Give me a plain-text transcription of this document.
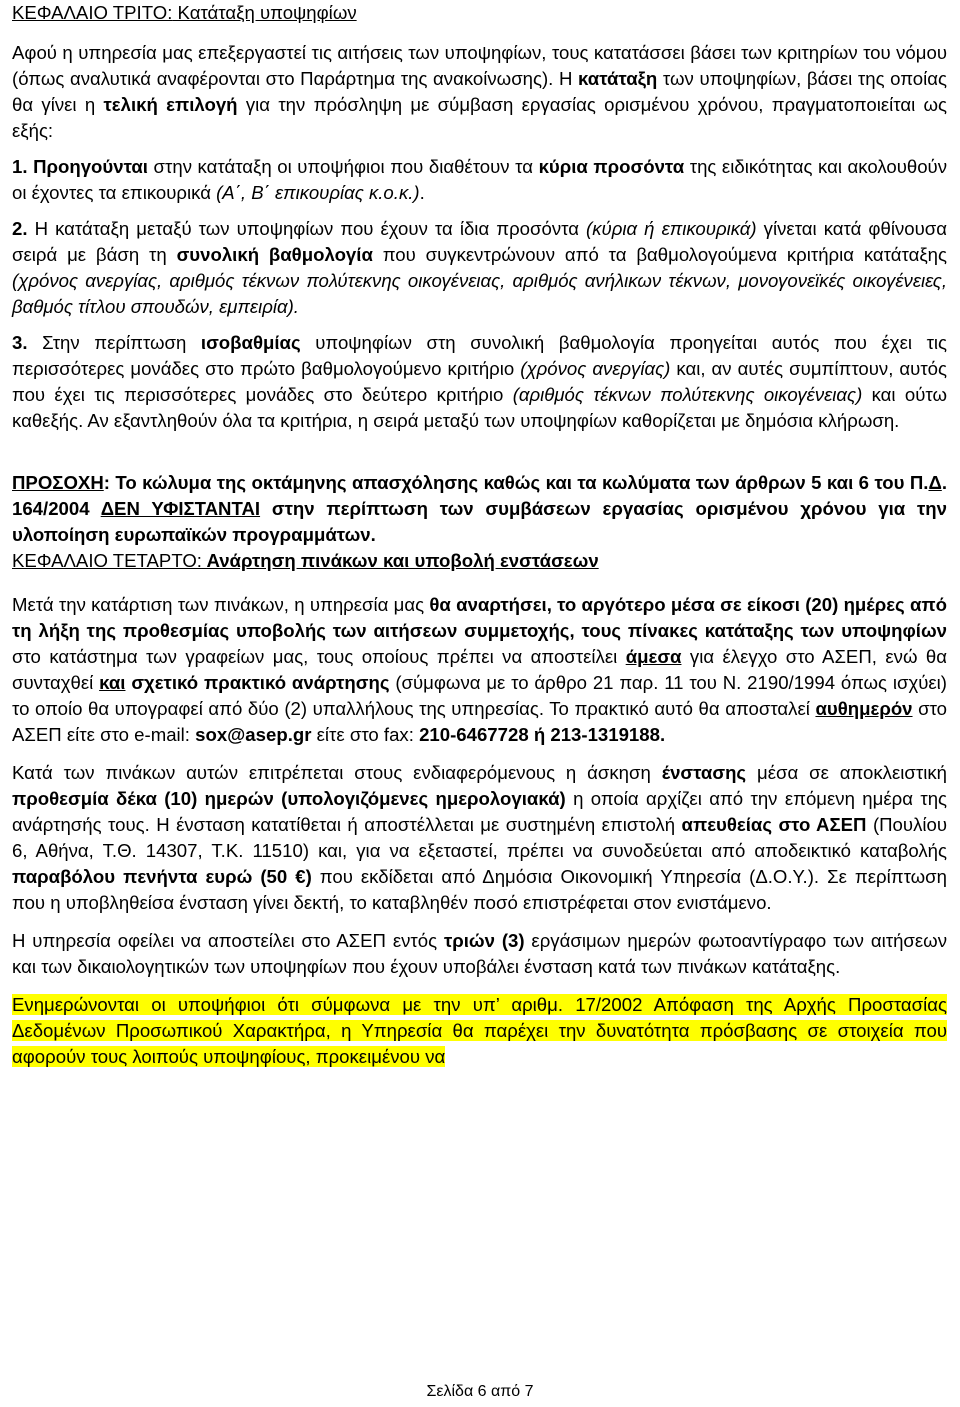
ΚΕΦΑΛΑΙΟ ΤΡΙΤΟ: Κατάταξη υποψηφίων

Αφού η υπηρεσία μας επεξεργαστεί τις αιτήσεις των υποψηφίων, τους κατατάσσει βάσει των κριτηρίων του νόμου (όπως αναλυτικά αναφέρονται στο Παράρτημα της ανακοίνωσης). Η κατάταξη των υποψηφίων, βάσει της οποίας θα γίνει η τελική επιλογή για την πρόσληψη με σύμβαση εργασίας ορισμένου χρόνου, πραγματοποιείται ως εξής:

1. Προηγούνται στην κατάταξη οι υποψήφιοι που διαθέτουν τα κύρια προσόντα της ειδικότητας και ακολουθούν οι έχοντες τα επικουρικά (Α΄, Β΄ επικουρίας κ.ο.κ.).

2. Η κατάταξη μεταξύ των υποψηφίων που έχουν τα ίδια προσόντα (κύρια ή επικουρικά) γίνεται κατά φθίνουσα σειρά με βάση τη συνολική βαθμολογία που συγκεντρώνουν από τα βαθμολογούμενα κριτήρια κατάταξης (χρόνος ανεργίας, αριθμός τέκνων πολύτεκνης οικογένειας, αριθμός ανήλικων τέκνων, μονογονεϊκές οικογένειες, βαθμός τίτλου σπουδών, εμπειρία).

3. Στην περίπτωση ισοβαθμίας υποψηφίων στη συνολική βαθμολογία προηγείται αυτός που έχει τις περισσότερες μονάδες στο πρώτο βαθμολογούμενο κριτήριο (χρόνος ανεργίας) και, αν αυτές συμπίπτουν, αυτός που έχει τις περισσότερες μονάδες στο δεύτερο κριτήριο (αριθμός τέκνων πολύτεκνης οικογένειας) και ούτω καθεξής. Αν εξαντληθούν όλα τα κριτήρια, η σειρά μεταξύ των υποψηφίων καθορίζεται με δημόσια κλήρωση.

ΠΡΟΣΟΧΗ: Το κώλυμα της οκτάμηνης απασχόλησης καθώς και τα κωλύματα των άρθρων 5 και 6 του Π.Δ. 164/2004 ΔΕΝ ΥΦΙΣΤΑΝΤΑΙ στην περίπτωση των συμβάσεων εργασίας ορισμένου χρόνου για την υλοποίηση ευρωπαϊκών προγραμμάτων.

ΚΕΦΑΛΑΙΟ ΤΕΤΑΡΤΟ: Ανάρτηση πινάκων και υποβολή ενστάσεων

Μετά την κατάρτιση των πινάκων, η υπηρεσία μας θα αναρτήσει, το αργότερο μέσα σε είκοσι (20) ημέρες από τη λήξη της προθεσμίας υποβολής των αιτήσεων συμμετοχής, τους πίνακες κατάταξης των υποψηφίων στο κατάστημα των γραφείων μας, τους οποίους πρέπει να αποστείλει άμεσα για έλεγχο στο ΑΣΕΠ, ενώ θα συνταχθεί και σχετικό πρακτικό ανάρτησης (σύμφωνα με το άρθρο 21 παρ. 11 του Ν. 2190/1994 όπως ισχύει) το οποίο θα υπογραφεί από δύο (2) υπαλλήλους της υπηρεσίας. Το πρακτικό αυτό θα αποσταλεί αυθημερόν στο ΑΣΕΠ είτε στο e-mail: sox@asep.gr είτε στο fax: 210-6467728 ή 213-1319188.

Κατά των πινάκων αυτών επιτρέπεται στους ενδιαφερόμενους η άσκηση ένστασης μέσα σε αποκλειστική προθεσμία δέκα (10) ημερών (υπολογιζόμενες ημερολογιακά) η οποία αρχίζει από την επόμενη ημέρα της ανάρτησής τους. Η ένσταση κατατίθεται ή αποστέλλεται με συστημένη επιστολή απευθείας στο ΑΣΕΠ (Πουλίου 6, Αθήνα, Τ.Θ. 14307, Τ.Κ. 11510) και, για να εξεταστεί, πρέπει να συνοδεύεται από αποδεικτικό καταβολής παραβόλου πενήντα ευρώ (50 €) που εκδίδεται από Δημόσια Οικονομική Υπηρεσία (Δ.Ο.Υ.). Σε περίπτωση που η υποβληθείσα ένσταση γίνει δεκτή, το καταβληθέν ποσό επιστρέφεται στον ενιστάμενο.

Η υπηρεσία οφείλει να αποστείλει στο ΑΣΕΠ εντός τριών (3) εργάσιμων ημερών φωτοαντίγραφο των αιτήσεων και των δικαιολογητικών των υποψηφίων που έχουν υποβάλει ένσταση κατά των πινάκων κατάταξης.

Ενημερώνονται οι υποψήφιοι ότι σύμφωνα με την υπ’ αριθμ. 17/2002 Απόφαση της Αρχής Προστασίας Δεδομένων Προσωπικού Χαρακτήρα, η Υπηρεσία θα παρέχει την δυνατότητα πρόσβασης σε στοιχεία που αφορούν τους λοιπούς υποψηφίους, προκειμένου να

Σελίδα 6 από 7
